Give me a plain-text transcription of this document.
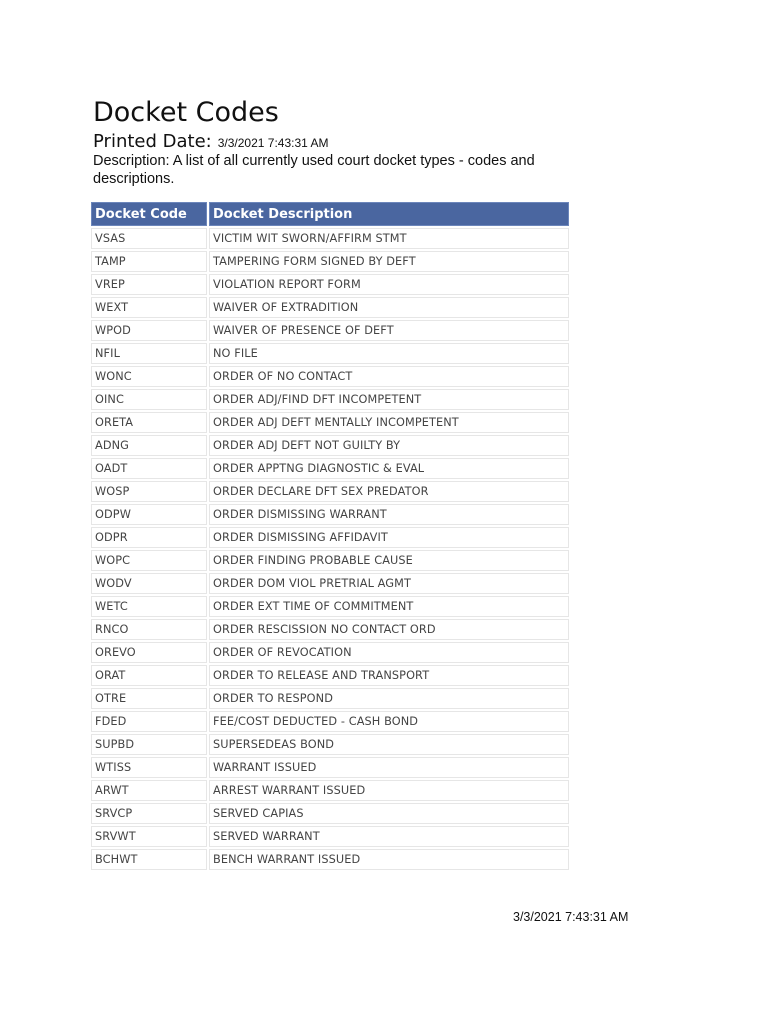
Docket Codes
Printed Date: 3/3/2021 7:43:31 AM
Description: A list of all currently used court docket types - codes and descriptions.
Docket Code	Docket Description
VSAS	VICTIM WIT SWORN/AFFIRM STMT
TAMP	TAMPERING FORM SIGNED BY DEFT
VREP	VIOLATION REPORT FORM
WEXT	WAIVER OF EXTRADITION
WPOD	WAIVER OF PRESENCE OF DEFT
NFIL	NO FILE
WONC	ORDER OF NO CONTACT
OINC	ORDER ADJ/FIND DFT INCOMPETENT
ORETA	ORDER ADJ DEFT MENTALLY INCOMPETENT
ADNG	ORDER ADJ DEFT NOT GUILTY BY
OADT	ORDER APPTNG DIAGNOSTIC & EVAL
WOSP	ORDER DECLARE DFT SEX PREDATOR
ODPW	ORDER DISMISSING WARRANT
ODPR	ORDER DISMISSING AFFIDAVIT
WOPC	ORDER FINDING PROBABLE CAUSE
WODV	ORDER DOM VIOL PRETRIAL AGMT
WETC	ORDER EXT TIME OF COMMITMENT
RNCO	ORDER RESCISSION NO CONTACT ORD
OREVO	ORDER OF REVOCATION
ORAT	ORDER TO RELEASE AND TRANSPORT
OTRE	ORDER TO RESPOND
FDED	FEE/COST DEDUCTED - CASH BOND
SUPBD	SUPERSEDEAS BOND
WTISS	WARRANT ISSUED
ARWT	ARREST WARRANT ISSUED
SRVCP	SERVED CAPIAS
SRVWT	SERVED WARRANT
BCHWT	BENCH WARRANT ISSUED
3/3/2021 7:43:31 AM
